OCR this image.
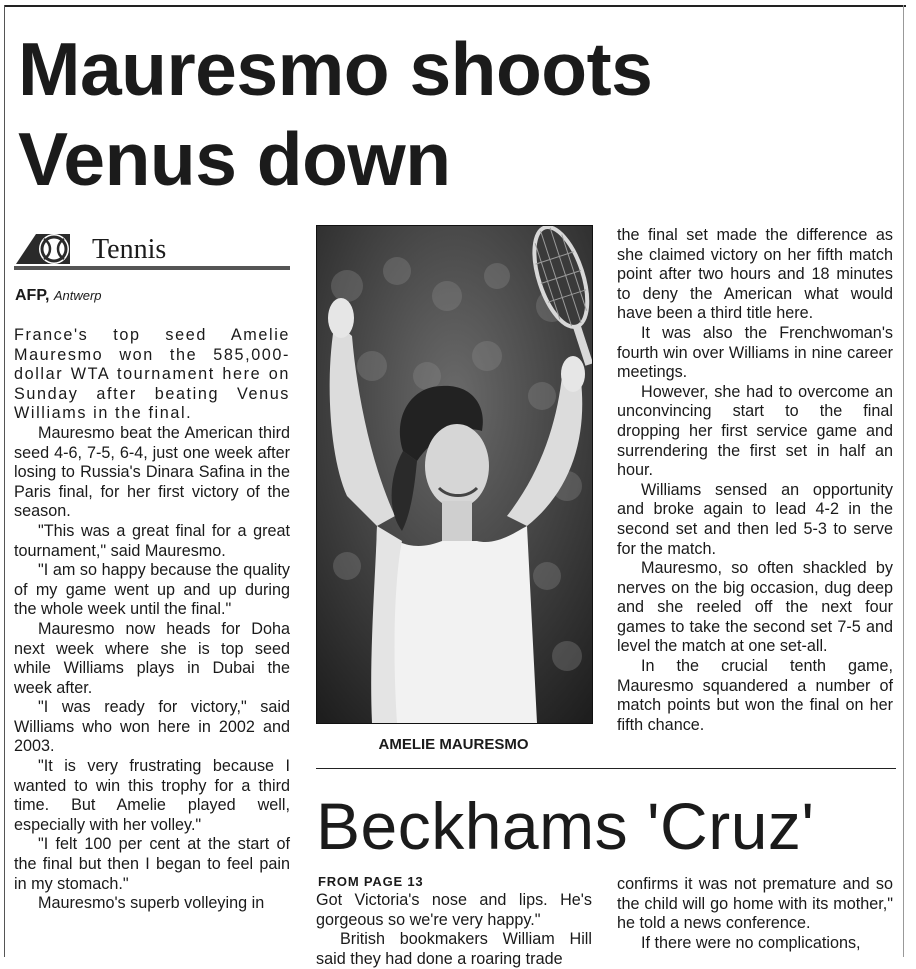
Mauresmo shoots
Venus down
Tennis
AFP, Antwerp

France's top seed Amelie Mauresmo won the 585,000-dollar WTA tournament here on Sunday after beating Venus Williams in the final.

Mauresmo beat the American third seed 4-6, 7-5, 6-4, just one week after losing to Russia's Dinara Safina in the Paris final, for her first victory of the season.

"This was a great final for a great tournament," said Mauresmo.

"I am so happy because the quality of my game went up and up during the whole week until the final."

Mauresmo now heads for Doha next week where she is top seed while Williams plays in Dubai the week after.

"I was ready for victory," said Williams who won here in 2002 and 2003.

"It is very frustrating because I wanted to win this trophy for a third time. But Amelie played well, especially with her volley."

"I felt 100 per cent at the start of the final but then I began to feel pain in my stomach."

Mauresmo's superb volleying in

AMELIE MAURESMO

the final set made the difference as she claimed victory on her fifth match point after two hours and 18 minutes to deny the American what would have been a third title here.

It was also the Frenchwoman's fourth win over Williams in nine career meetings.

However, she had to overcome an unconvincing start to the final dropping her first service game and surrendering the first set in half an hour.

Williams sensed an opportunity and broke again to lead 4-2 in the second set and then led 5-3 to serve for the match.

Mauresmo, so often shackled by nerves on the big occasion, dug deep and she reeled off the next four games to take the second set 7-5 and level the match at one set-all.

In the crucial tenth game, Mauresmo squandered a number of match points but won the final on her fifth chance.

Beckhams 'Cruz'
FROM PAGE 13

Got Victoria's nose and lips. He's gorgeous so we're very happy."

British bookmakers William Hill said they had done a roaring trade

confirms it was not premature and so the child will go home with its mother," he told a news conference.

If there were no complications,
